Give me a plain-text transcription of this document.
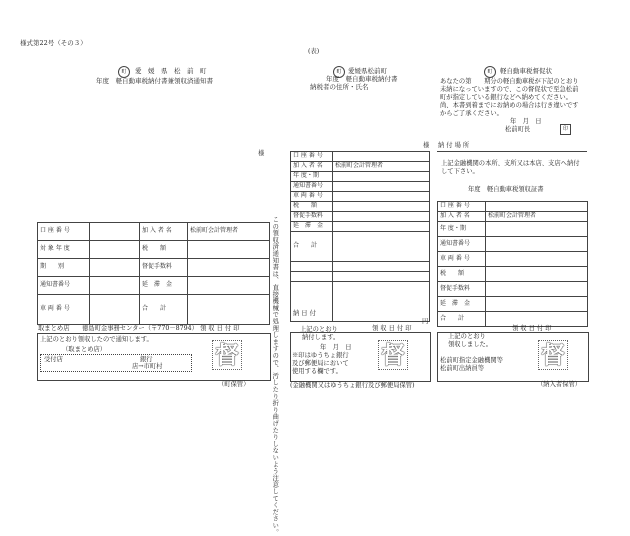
様式第22号（その３）
(表)
町	愛　媛　県　松　前　町
年度　軽自動車税納付書兼領収済通知書
様
口 座 番 号		加 入 者 名	松前町会計管理者
対 象 年 度		税　　額	
期　　別		督促手数料	
通知書番号		延　滞　金	
車 両 番 号		合　　計	
取まとめ店 徳島町金事務センター（〒770－8794） 領 収 日 付 印
上記のとおり領収したので通知します。
（取まとめ店）
受付店	銀行
店→市町村 督
（町保管）	この領収済通知書は、直接機械で処理しますので、汚したり折り曲げたりしないよう注意してください。
町	愛媛県松前町
年度　軽自動車税納付書
納税者の住所・氏名
様
口 座 番 号	
加 入 者 名	松前町会計管理者
年 度・期	
通知書番号	
車 両 番 号	
税　　額	
督促手数料	
延　滞　金	
合　　計	

納 日 付
円
領 収 日 付 印
上記のとおり
納付します。
年　月　日
※印はゆうちょ銀行
及び郵便局において
使用する欄です。
督
(金融機関又はゆうちょ銀行及び郵便局保管)
町	軽自動車税督促状
あなたの第　　期分の軽自動車税が下記のとおり
未納になっていますので、この督促状で至急松前
町が指定している銀行などへ納めてください。
尚、本書到着までにお納めの場合は行き違いです
からご了承ください。
年　月　日
松前町長	印
納 付 場 所
上記金融機関の本所、支所又は本店、支店へ納付
して下さい。
年度　軽自動車税領収証書
口 座 番 号	
加 入 者 名	松前町会計管理者
年 度・期	
通知書番号	
車 両 番 号	
税　　額	
督促手数料	
延　滞　金	
合　　計	
領 収 日 付 印
上記のとおり
領収しました。
松前町指定金融機関等
松前町出納員等 督
（納入者保管）
